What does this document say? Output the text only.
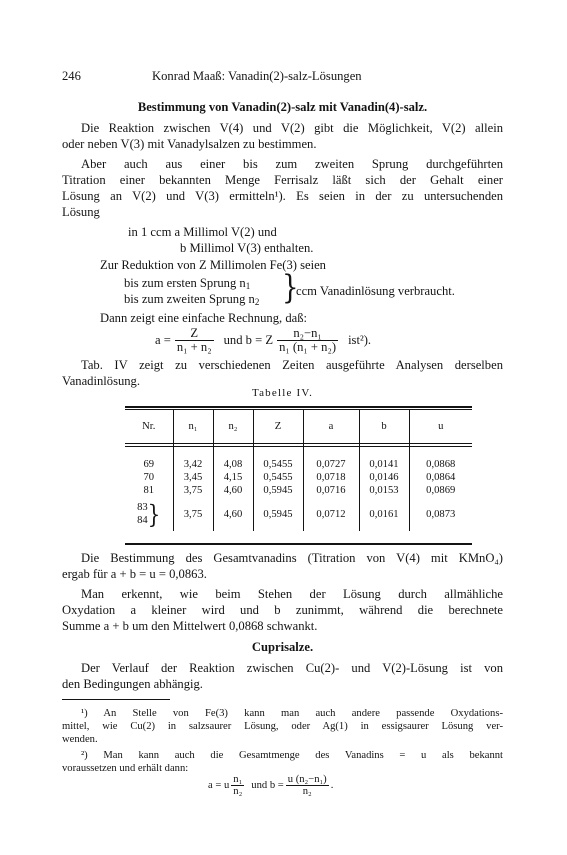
246	Konrad Maaß: Vanadin(2)-salz-Lösungen
Bestimmung von Vanadin(2)-salz mit Vanadin(4)-salz.
Die Reaktion zwischen V(4) und V(2) gibt die Möglichkeit, V(2) allein
oder neben V(3) mit Vanadylsalzen zu bestimmen.
Aber auch aus einer bis zum zweiten Sprung durchgeführten
Titration einer bekannten Menge Ferrisalz läßt sich der Gehalt einer
Lösung an V(2) und V(3) ermitteln¹). Es seien in der zu untersuchenden
Lösung
in 1 ccm a Millimol V(2) und
b Millimol V(3) enthalten.
Zur Reduktion von Z Millimolen Fe(3) seien
bis zum ersten Sprung $n_1$
bis zum zweiten Sprung $n_2$ }
ccm Vanadinlösung verbraucht.
Dann zeigt eine einfache Rechnung, daß:
$a = \frac{Z}{\text{n₁ + n₂}}$ und b = Z $\frac{\text{n₂−n₁}}{\text{n₁ (n₁ + n₂)}} ist^2$).
Tab. IV zeigt zu verschiedenen Zeiten ausgeführte Analysen derselben
Vanadinlösung.
Tabelle IV.
Nr.	n₁	n₂	Z	a	b	u

69	3,42	4,08	0,5455	0,0727	0,0141	0,0868
70	3,45	4,15	0,5455	0,0718	0,0146	0,0864
81	3,75	4,60	0,5945	0,0716	0,0153	0,0869

83
84 }	3,75	4,60	0,5945	0,0712	0,0161	0,0873
Die Bestimmung des Gesamtvanadins (Titration von V(4) mit KMnO₄)
ergab für a + b = u = 0,0863.
Man erkennt, wie beim Stehen der Lösung durch allmähliche
Oxydation a kleiner wird und b zunimmt, während die berechnete
Summe a + b um den Mittelwert 0,0868 schwankt.
Cuprisalze.
Der Verlauf der Reaktion zwischen Cu(2)- und V(2)-Lösung ist von
den Bedingungen abhängig.
¹) An Stelle von Fe(3) kann man auch andere passende Oxydations-
mittel, wie Cu(2) in salzsaurer Lösung, oder Ag(1) in essigsaurer Lösung ver-
wenden.
²) Man kann auch die Gesamtmenge des Vanadins = u als bekannt
voraussetzen und erhält dann:
a = u $\frac{\text{n₁}}{\text{n₂}}$ und $b = \frac{\text{u (n₂−n₁)}}{\text{n₂}}$ .
